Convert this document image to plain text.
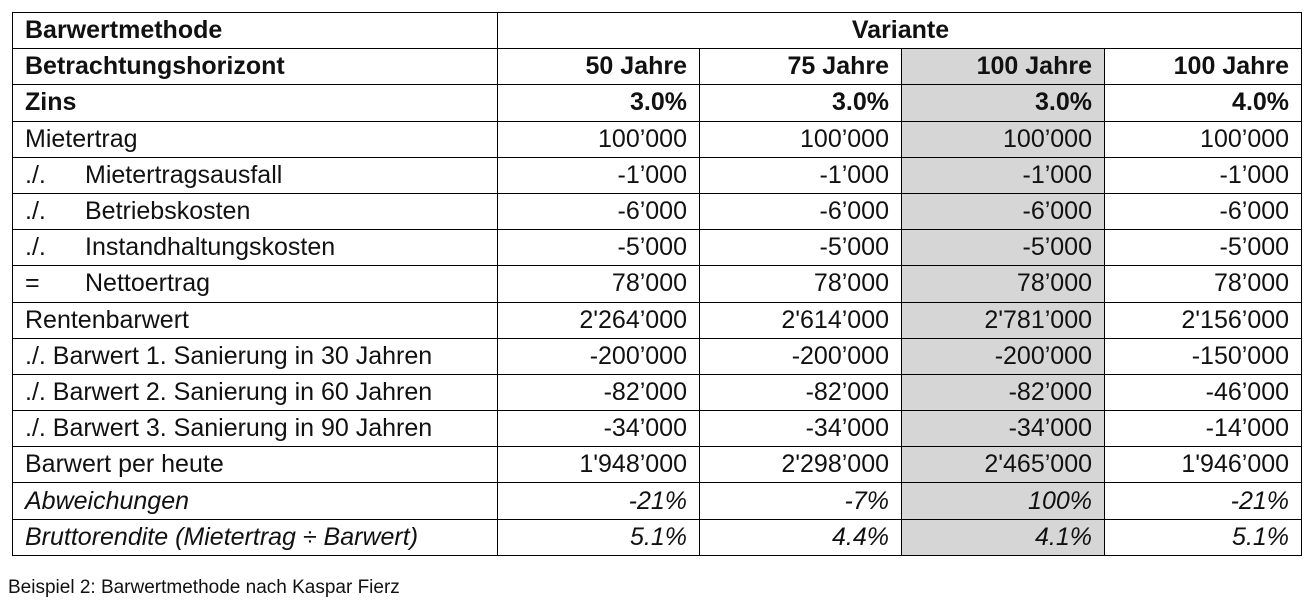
Barwertmethode	Variante			
Betrachtungshorizont	50 Jahre	75 Jahre	100 Jahre	100 Jahre
Zins	3.0%	3.0%	3.0%	4.0%
Mietertrag	100’000	100’000	100’000	100’000
./. Mietertragsausfall	-1’000	-1’000	-1’000	-1’000
./. Betriebskosten	-6’000	-6’000	-6’000	-6’000
./. Instandhaltungskosten	-5’000	-5’000	-5’000	-5’000
= Nettoertrag	78’000	78’000	78’000	78’000
Rentenbarwert	2'264’000	2'614’000	2'781’000	2'156’000
./. Barwert 1. Sanierung in 30 Jahren	-200’000	-200’000	-200’000	-150’000
./. Barwert 2. Sanierung in 60 Jahren	-82’000	-82’000	-82’000	-46’000
./. Barwert 3. Sanierung in 90 Jahren	-34’000	-34’000	-34’000	-14’000
Barwert per heute	1'948’000	2'298’000	2'465’000	1'946’000
Abweichungen	-21%	-7%	100%	-21%
Bruttorendite (Mietertrag ÷ Barwert)	5.1%	4.4%	4.1%	5.1%
Beispiel 2: Barwertmethode nach Kaspar Fierz
